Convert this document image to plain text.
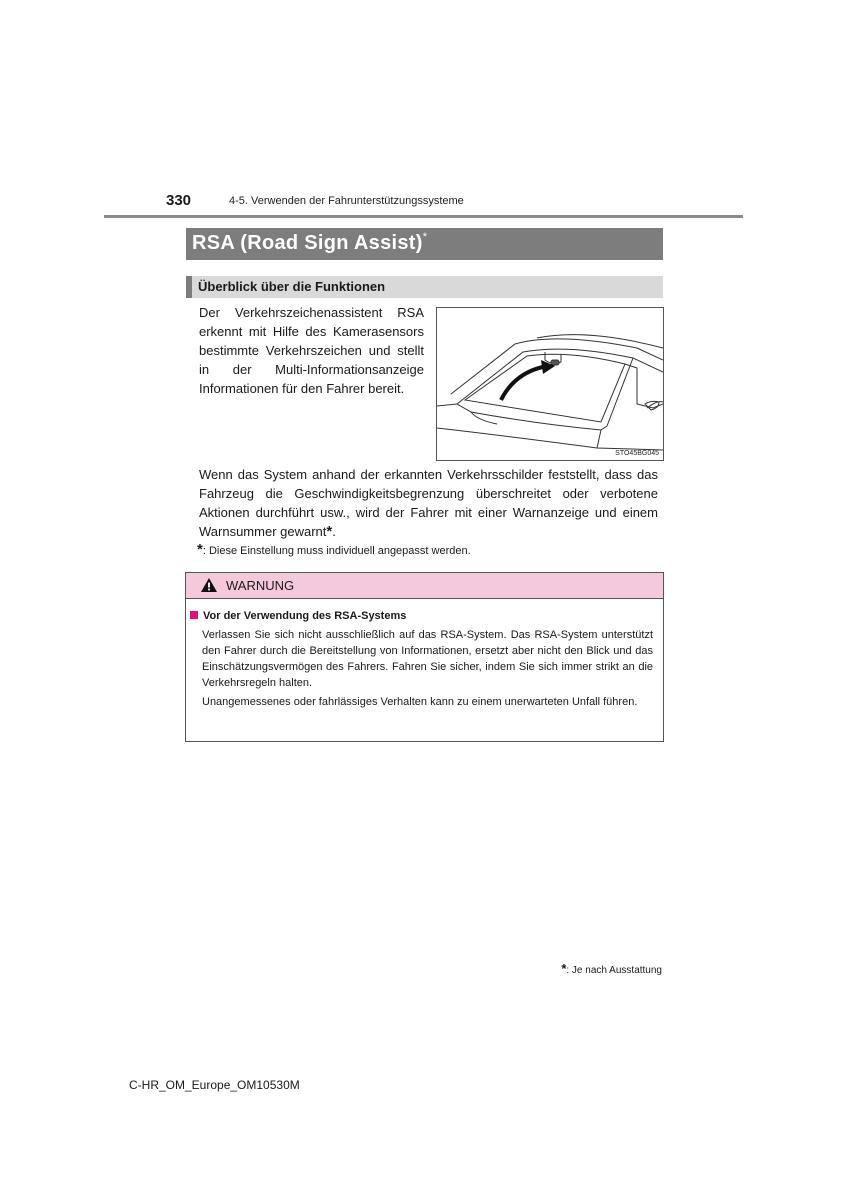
330	4-5. Verwenden der Fahrunterstützungssysteme
RSA (Road Sign Assist)*
Überblick über die Funktionen
Der Verkehrszeichenassistent RSA erkennt mit Hilfe des Kamerasensors bestimmte Verkehrszeichen und stellt in der Multi-Informationsanzeige Informationen für den Fahrer bereit.
STO45BG045
Wenn das System anhand der erkannten Verkehrsschilder feststellt, dass das Fahrzeug die Geschwindigkeitsbegrenzung überschreitet oder verbotene Aktionen durchführt usw., wird der Fahrer mit einer Warnanzeige und einem Warnsummer gewarnt*.
*: Diese Einstellung muss individuell angepasst werden.
WARNUNG
Vor der Verwendung des RSA-Systems
Verlassen Sie sich nicht ausschließlich auf das RSA-System. Das RSA-System unterstützt den Fahrer durch die Bereitstellung von Informationen, ersetzt aber nicht den Blick und das Einschätzungsvermögen des Fahrers. Fahren Sie sicher, indem Sie sich immer strikt an die Verkehrsregeln halten.
Unangemessenes oder fahrlässiges Verhalten kann zu einem unerwarteten Unfall führen.
*: Je nach Ausstattung
C-HR_OM_Europe_OM10530M
